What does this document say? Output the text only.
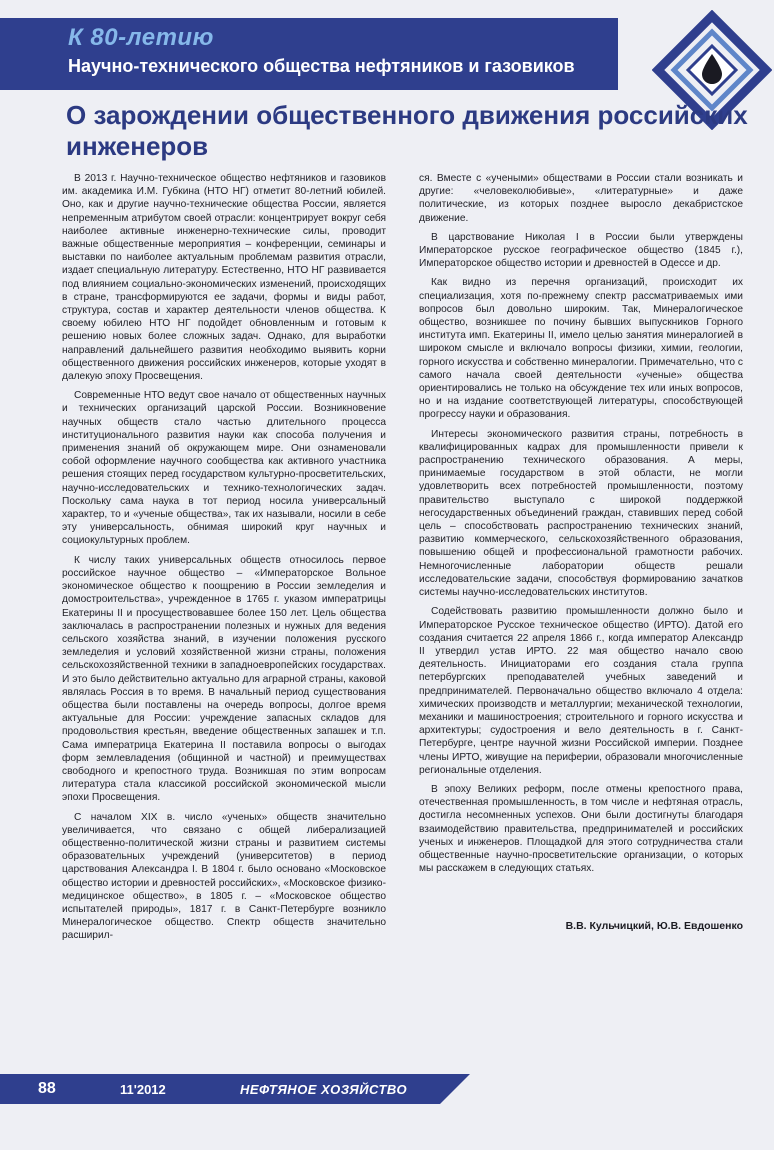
К 80-летию
Научно-технического общества нефтяников и газовиков
О зарождении общественного движения российских инженеров

В 2013 г. Научно-техническое общество нефтяников и газовиков им. академика И.М. Губкина (НТО НГ) отметит 80-летний юбилей. Оно, как и другие научно-технические общества России, является непременным атрибутом своей отрасли: концентрирует вокруг себя наиболее активные инженерно-технические силы, проводит важные общественные мероприятия – конференции, семинары и выставки по наиболее актуальным проблемам развития отрасли, издает специальную литературу. Естественно, НТО НГ развивается под влиянием социально-экономических изменений, происходящих в стране, трансформируются ее задачи, формы и виды работ, структура, состав и характер деятельности членов общества. К своему юбилею НТО НГ подойдет обновленным и готовым к решению новых более сложных задач. Однако, для выработки направлений дальнейшего развития необходимо выявить корни общественного движения российских инженеров, которые уходят в далекую эпоху Просвещения.

Современные НТО ведут свое начало от общественных научных и технических организаций царской России. Возникновение научных обществ стало частью длительного процесса институционального развития науки как способа получения и применения знаний об окружающем мире. Они ознаменовали собой оформление научного сообщества как активного участника решения стоящих перед государством культурно-просветительских, научно-исследовательских и технико-технологических задач. Поскольку сама наука в тот период носила универсальный характер, то и «ученые общества», так их называли, носили в себе эту универсальность, обнимая широкий круг научных и социокультурных проблем.

К числу таких универсальных обществ относилось первое российское научное общество – «Императорское Вольное экономическое общество к поощрению в России земледелия и домостроительства», учрежденное в 1765 г. указом императрицы Екатерины II и просуществовавшее более 150 лет. Цель общества заключалась в распространении полезных и нужных для ведения сельского хозяйства знаний, в изучении положения русского земледелия и условий хозяйственной жизни страны, положения сельскохозяйственной техники в западноевропейских государствах. И это было действительно актуально для аграрной страны, каковой являлась Россия в то время. В начальный период существования общества были поставлены на очередь вопросы, долгое время актуальные для России: учреждение запасных складов для продовольствия крестьян, введение общественных запашек и т.п. Сама императрица Екатерина II поставила вопросы о выгодах форм землевладения (общинной и частной) и преимуществах свободного и крепостного труда. Возникшая по этим вопросам литература стала классикой российской экономической мысли эпохи Просвещения.

С началом XIX в. число «ученых» обществ значительно увеличивается, что связано с общей либерализацией общественно-политической жизни страны и развитием системы образовательных учреждений (университетов) в период царствования Александра I. В 1804 г. было основано «Московское общество истории и древностей российских», «Московское физико-медицинское общество», в 1805 г. – «Московское общество испытателей природы», 1817 г. в Санкт-Петербурге возникло Минералогическое общество. Спектр обществ значительно расширил-

ся. Вместе с «учеными» обществами в России стали возникать и другие: «человеколюбивые», «литературные» и даже политические, из которых позднее выросло декабристское движение.

В царствование Николая I в России были утверждены Императорское русское географическое общество (1845 г.), Императорское общество истории и древностей в Одессе и др.

Как видно из перечня организаций, происходит их специализация, хотя по-прежнему спектр рассматриваемых ими вопросов был довольно широким. Так, Минералогическое общество, возникшее по почину бывших выпускников Горного института имп. Екатерины II, имело целью занятия минералогией в широком смысле и включало вопросы физики, химии, геологии, горного искусства и собственно минералогии. Примечательно, что с самого начала своей деятельности «ученые» общества ориентировались не только на обсуждение тех или иных вопросов, но и на издание соответствующей литературы, способствующей прогрессу науки и образования.

Интересы экономического развития страны, потребность в квалифицированных кадрах для промышленности привели к распространению технического образования. А меры, принимаемые государством в этой области, не могли удовлетворить всех потребностей промышленности, поэтому правительство выступало с широкой поддержкой негосударственных объединений граждан, ставивших перед собой цель – способствовать распространению технических знаний, развитию коммерческого, сельскохозяйственного образования, повышению общей и профессиональной грамотности рабочих. Немногочисленные лаборатории обществ решали исследовательские задачи, способствуя формированию зачатков системы научно-исследовательских институтов.

Содействовать развитию промышленности должно было и Императорское Русское техническое общество (ИРТО). Датой его создания считается 22 апреля 1866 г., когда император Александр II утвердил устав ИРТО. 22 мая общество начало свою деятельность. Инициаторами его создания стала группа петербургских преподавателей учебных заведений и предпринимателей. Первоначально общество включало 4 отдела: химических производств и металлургии; механической технологии, механики и машиностроения; строительного и горного искусства и архитектуры; судостроения и вело деятельность в г. Санкт-Петербурге, центре научной жизни Российской империи. Позднее члены ИРТО, живущие на периферии, образовали многочисленные региональные отделения.

В эпоху Великих реформ, после отмены крепостного права, отечественная промышленность, в том числе и нефтяная отрасль, достигла несомненных успехов. Они были достигнуты благодаря взаимодействию правительства, предпринимателей и российских ученых и инженеров. Площадкой для этого сотрудничества стали общественные научно-просветительские организации, о которых мы расскажем в следующих статьях.

В.В. Кульчицкий, Ю.В. Евдошенко
88	11'2012	НЕФТЯНОЕ ХОЗЯЙСТВО
